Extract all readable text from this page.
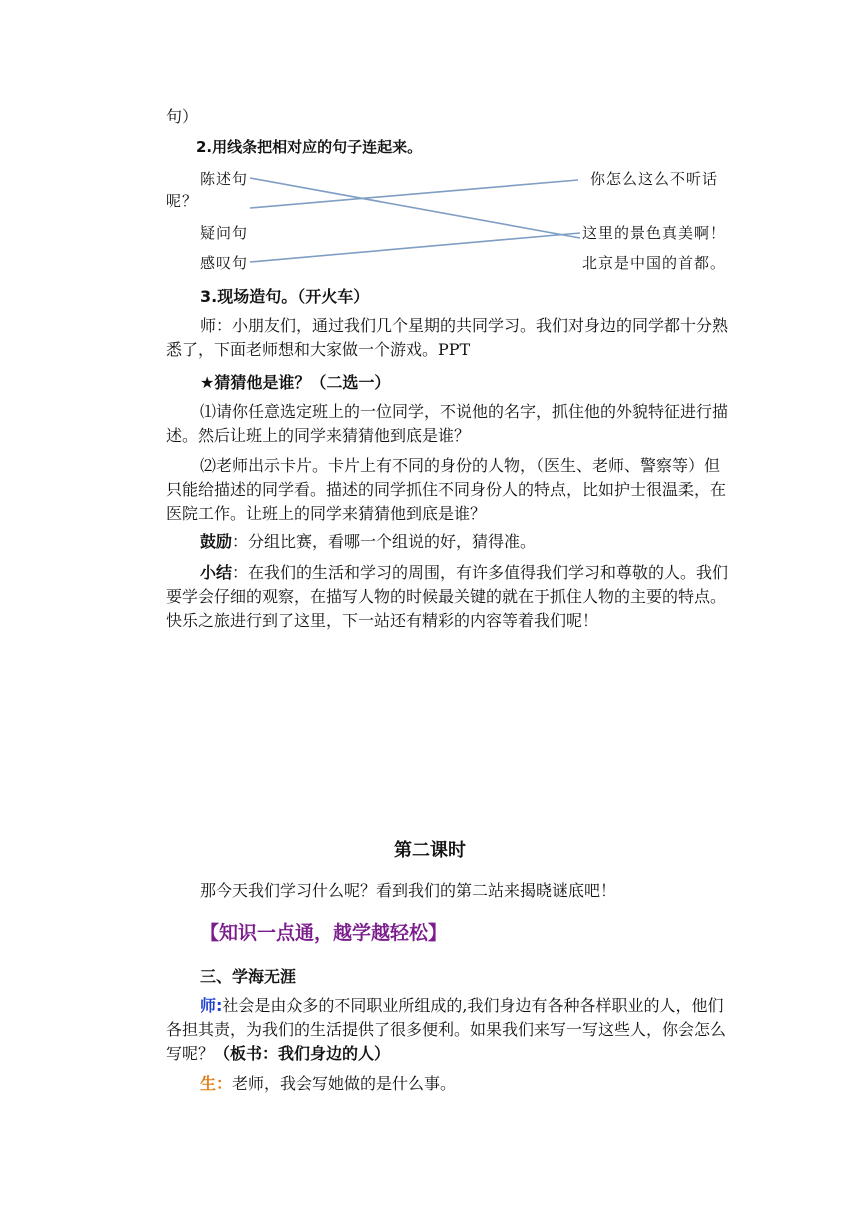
句）
2.用线条把相对应的句子连起来。
陈述句
呢？
疑问句
感叹句
你怎么这么不听话
这里的景色真美啊！
北京是中国的首都。
3.现场造句。（开火车）
师：小朋友们，通过我们几个星期的共同学习。我们对身边的同学都十分熟悉了，下面老师想和大家做一个游戏。PPT
★猜猜他是谁？（二选一）
⑴请你任意选定班上的一位同学，不说他的名字，抓住他的外貌特征进行描述。然后让班上的同学来猜猜他到底是谁？
⑵老师出示卡片。卡片上有不同的身份的人物，（医生、老师、警察等）但只能给描述的同学看。描述的同学抓住不同身份人的特点，比如护士很温柔，在医院工作。让班上的同学来猜猜他到底是谁？
鼓励：分组比赛，看哪一个组说的好，猜得准。
小结：在我们的生活和学习的周围，有许多值得我们学习和尊敬的人。我们要学会仔细的观察，在描写人物的时候最关键的就在于抓住人物的主要的特点。快乐之旅进行到了这里，下一站还有精彩的内容等着我们呢！
第二课时
那今天我们学习什么呢？看到我们的第二站来揭晓谜底吧！
【知识一点通，越学越轻松】
三、学海无涯
师:社会是由众多的不同职业所组成的,我们身边有各种各样职业的人，他们各担其责，为我们的生活提供了很多便利。如果我们来写一写这些人，你会怎么写呢？（板书：我们身边的人）
生：老师，我会写她做的是什么事。
